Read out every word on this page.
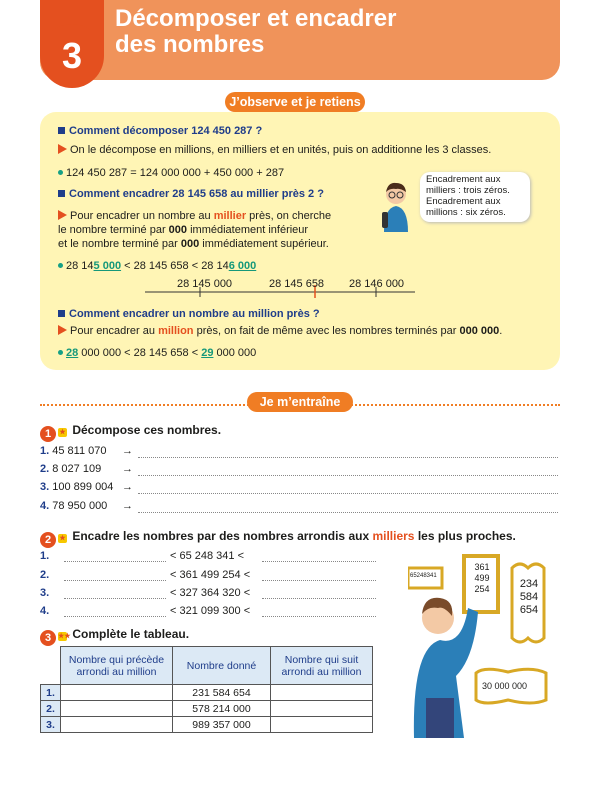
3
Décomposer et encadrer
des nombres
J’observe et je retiens
Comment décomposer 124 450 287 ?
On le décompose en millions, en milliers et en unités, puis on additionne les 3 classes.
124 450 287 = 124 000 000 + 450 000 + 287
Comment encadrer 28 145 658 au millier près 2 ?
Pour encadrer un nombre au millier près, on cherche
le nombre terminé par 000 immédiatement inférieur
et le nombre terminé par 000 immédiatement supérieur.
28 145 000 < 28 145 658 < 28 146 000
Encadrement aux milliers : trois zéros. Encadrement aux millions : six zéros.
28 145 000	28 145 658 28 146 000
Comment encadrer un nombre au million près ?
Pour encadrer au million près, on fait de même avec les nombres terminés par 000 000.
28 000 000 < 28 145 658 < 29 000 000
Je m’entraîne
1 ★ Décompose ces nombres.
1. 45 811 070 →
2. 8 027 109 →
3. 100 899 004 →
4. 78 950 000 →
2 ★ Encadre les nombres par des nombres arrondis aux milliers les plus proches.
1.	< 65 248 341 <
2.	< 361 499 254 <
3.	< 327 364 320 <
4.	< 321 099 300 <
3 ★★ Complète le tableau.
	Nombre qui précède arrondi au million	Nombre donné	Nombre qui suit arrondi au million
1.		231 584 654	
2.		578 214 000	
3.		989 357 000	
65248341
361 499 254	234 584 654
30 000 000
